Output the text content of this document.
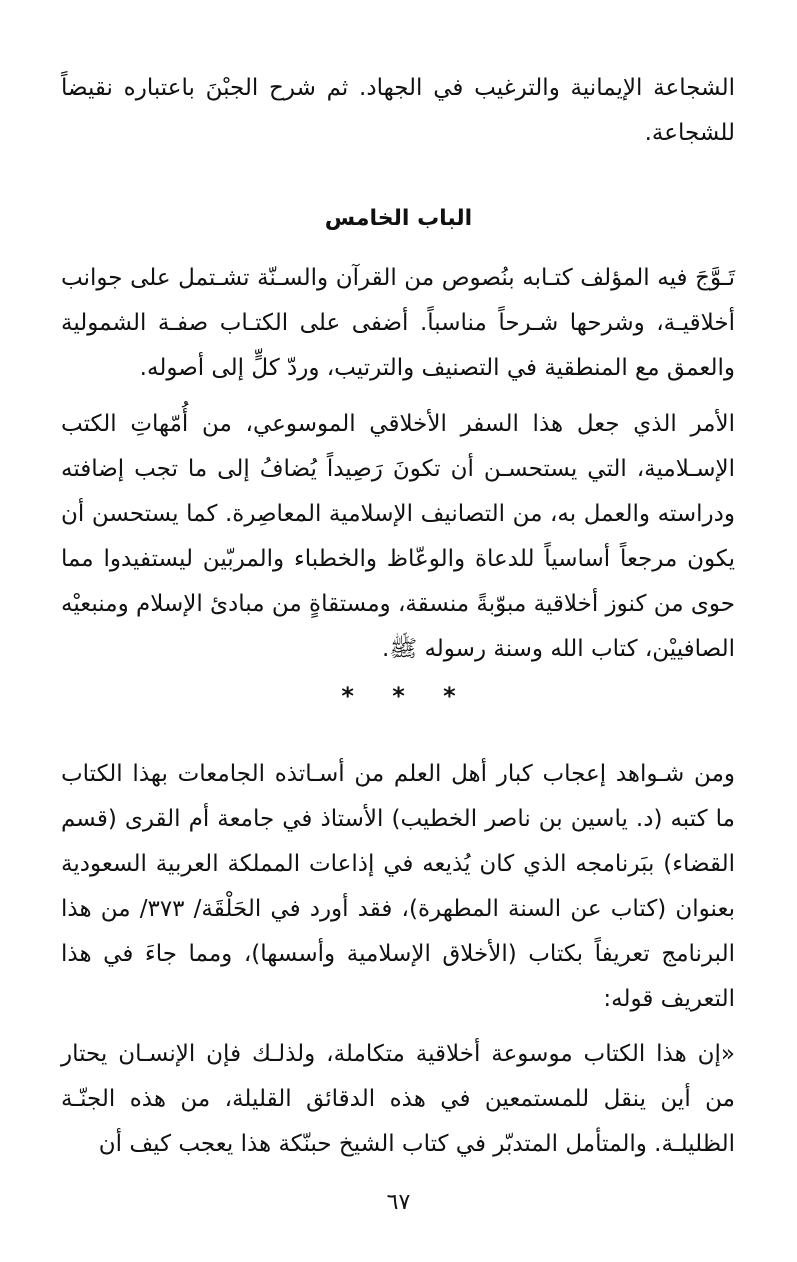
الشجاعة الإيمانية والترغيب في الجهاد. ثم شرح الجبْنَ باعتباره نقيضاً للشجاعة.

الباب الخامس

تَـوَّجَ فيه المؤلف كتـابه بنُصوص من القرآن والسـنّة تشـتمل على جوانب أخلاقيـة، وشرحها شـرحاً مناسباً. أضفى على الكتـاب صفـة الشمولية والعمق مع المنطقية في التصنيف والترتيب، وردّ كلٍّ إلى أصوله.

الأمر الذي جعل هذا السفر الأخلاقي الموسوعي، من أُمّهاتِ الكتب الإسـلامية، التي يستحسـن أن تكونَ رَصِيداً يُضافُ إلى ما تجب إضافته ودراسته والعمل به، من التصانيف الإسلامية المعاصِرة. كما يستحسن أن يكون مرجعاً أساسياً للدعاة والوعّاظ والخطباء والمربّين ليستفيدوا مما حوى من كنوز أخلاقية مبوّبةً منسقة، ومستقاةٍ من مبادئ الإسلام ومنبعيْه الصافييْن، كتاب الله وسنة رسوله ﷺ.

* * *

ومن شـواهد إعجاب كبار أهل العلم من أسـاتذه الجامعات بهذا الكتاب ما كتبه (د. ياسين بن ناصر الخطيب) الأستاذ في جامعة أم القرى (قسم القضاء) ببَرنامجه الذي كان يُذيعه في إذاعات المملكة العربية السعودية بعنوان (كتاب عن السنة المطهرة)، فقد أورد في الحَلْقَة/ ٣٧٣/ من هذا البرنامج تعريفاً بكتاب (الأخلاق الإسلامية وأسسها)، ومما جاءَ في هذا التعريف قوله:

«إن هذا الكتاب موسوعة أخلاقية متكاملة، ولذلـك فإن الإنسـان يحتار من أين ينقل للمستمعين في هذه الدقائق القليلة، من هذه الجنّـة الظليلـة. والمتأمل المتدبّر في كتاب الشيخ حبنّكة هذا يعجب كيف أن

٦٧
